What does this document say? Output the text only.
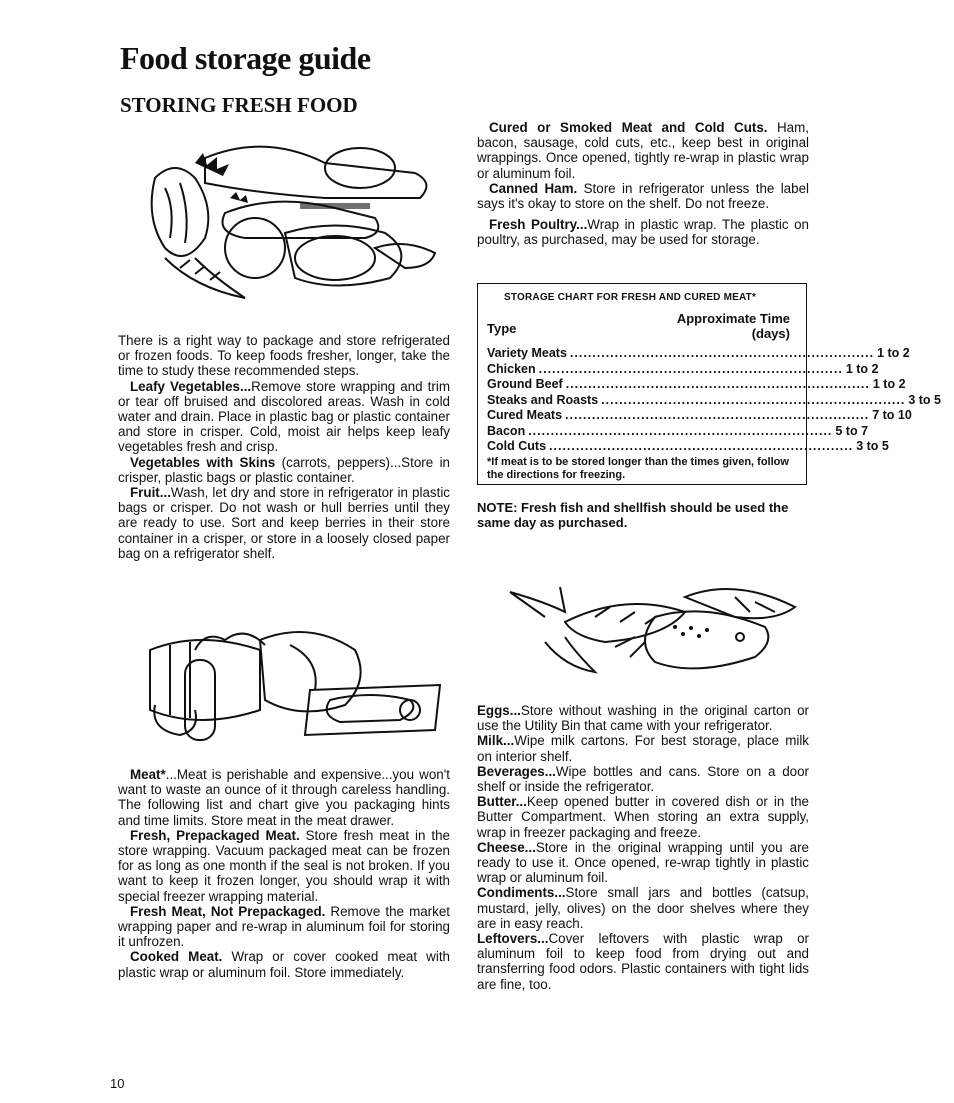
Food storage guide
STORING FRESH FOOD

There is a right way to package and store refrigerated or frozen foods. To keep foods fresher, longer, take the time to study these recommended steps.

Leafy Vegetables...Remove store wrapping and trim or tear off bruised and discolored areas. Wash in cold water and drain. Place in plastic bag or plastic container and store in crisper. Cold, moist air helps keep leafy vegetables fresh and crisp.

Vegetables with Skins (carrots, peppers)...Store in crisper, plastic bags or plastic container.

Fruit...Wash, let dry and store in refrigerator in plastic bags or crisper. Do not wash or hull berries until they are ready to use. Sort and keep berries in their store container in a crisper, or store in a loosely closed paper bag on a refrigerator shelf.

Meat*...Meat is perishable and expensive...you won't want to waste an ounce of it through careless handling. The following list and chart give you packaging hints and time limits. Store meat in the meat drawer.

Fresh, Prepackaged Meat. Store fresh meat in the store wrapping. Vacuum packaged meat can be frozen for as long as one month if the seal is not broken. If you want to keep it frozen longer, you should wrap it with special freezer wrapping material.

Fresh Meat, Not Prepackaged. Remove the market wrapping paper and re-wrap in aluminum foil for storing it unfrozen.

Cooked Meat. Wrap or cover cooked meat with plastic wrap or aluminum foil. Store immediately.

Cured or Smoked Meat and Cold Cuts. Ham, bacon, sausage, cold cuts, etc., keep best in original wrappings. Once opened, tightly re-wrap in plastic wrap or aluminum foil.

Canned Ham. Store in refrigerator unless the label says it's okay to store on the shelf. Do not freeze.

Fresh Poultry...Wrap in plastic wrap. The plastic on poultry, as purchased, may be used for storage.

STORAGE CHART FOR FRESH AND CURED MEAT*
Type
Approximate Time
(days)
Variety Meats .................................................................... 1 to 2
Chicken .................................................................... 1 to 2
Ground Beef .................................................................... 1 to 2
Steaks and Roasts .................................................................... 3 to 5
Cured Meats .................................................................... 7 to 10
Bacon .................................................................... 5 to 7
Cold Cuts .................................................................... 3 to 5
*If meat is to be stored longer than the times given, follow the directions for freezing.
NOTE: Fresh fish and shellfish should be used the same day as purchased.

Eggs...Store without washing in the original carton or use the Utility Bin that came with your refrigerator.

Milk...Wipe milk cartons. For best storage, place milk on interior shelf.

Beverages...Wipe bottles and cans. Store on a door shelf or inside the refrigerator.

Butter...Keep opened butter in covered dish or in the Butter Compartment. When storing an extra supply, wrap in freezer packaging and freeze.

Cheese...Store in the original wrapping until you are ready to use it. Once opened, re-wrap tightly in plastic wrap or aluminum foil.

Condiments...Store small jars and bottles (catsup, mustard, jelly, olives) on the door shelves where they are in easy reach.

Leftovers...Cover leftovers with plastic wrap or aluminum foil to keep food from drying out and transferring food odors. Plastic containers with tight lids are fine, too.

10
